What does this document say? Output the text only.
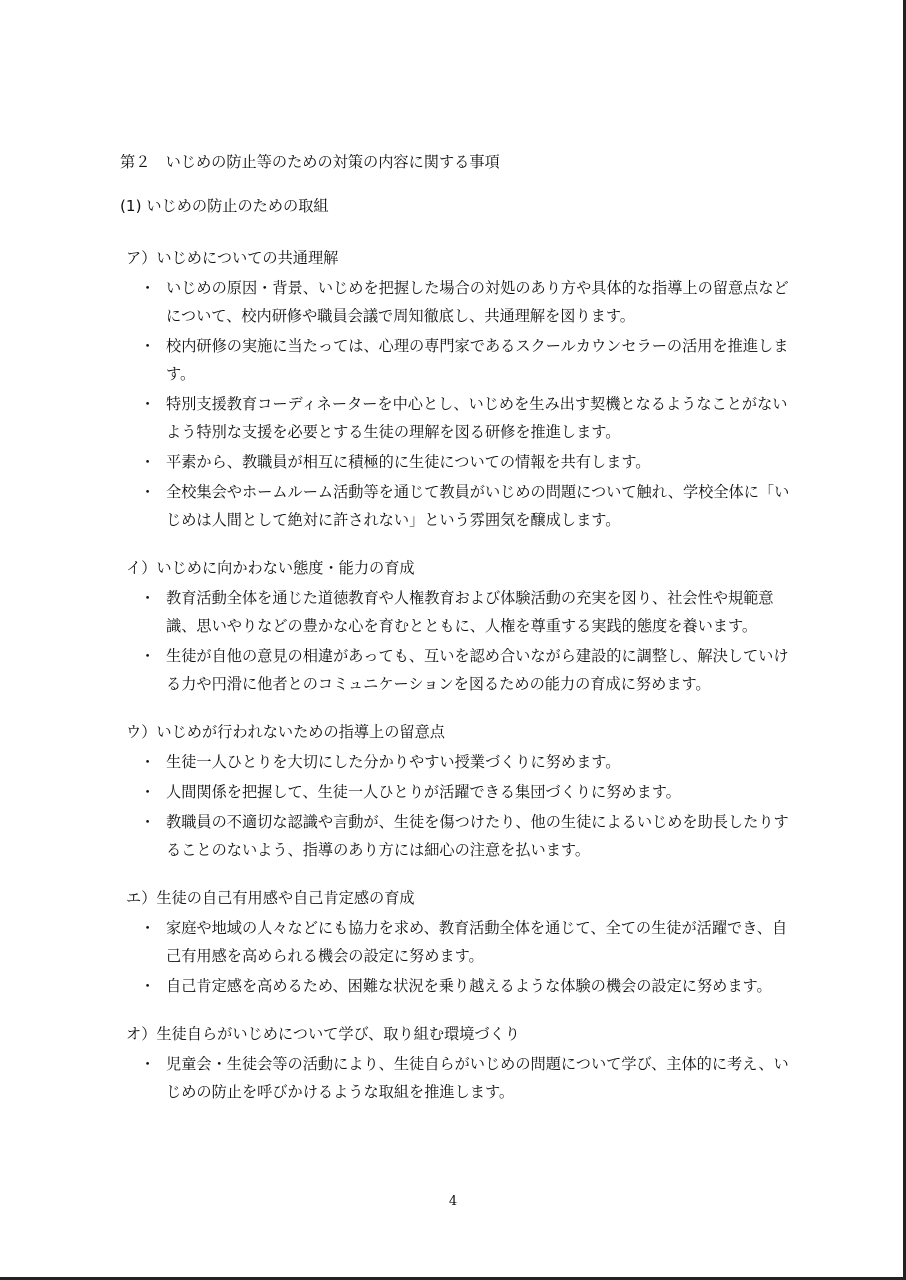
第２　いじめの防止等のための対策の内容に関する事項
(1) いじめの防止のための取組
ア）いじめについての共通理解
・ いじめの原因・背景、いじめを把握した場合の対処のあり方や具体的な指導上の留意点などについて、校内研修や職員会議で周知徹底し、共通理解を図ります。
・ 校内研修の実施に当たっては、心理の専門家であるスクールカウンセラーの活用を推進します。
・ 特別支援教育コーディネーターを中心とし、いじめを生み出す契機となるようなことがないよう特別な支援を必要とする生徒の理解を図る研修を推進します。
・ 平素から、教職員が相互に積極的に生徒についての情報を共有します。
・ 全校集会やホームルーム活動等を通じて教員がいじめの問題について触れ、学校全体に「いじめは人間として絶対に許されない」という雰囲気を醸成します。
イ）いじめに向かわない態度・能力の育成
・ 教育活動全体を通じた道徳教育や人権教育および体験活動の充実を図り、社会性や規範意識、思いやりなどの豊かな心を育むとともに、人権を尊重する実践的態度を養います。
・ 生徒が自他の意見の相違があっても、互いを認め合いながら建設的に調整し、解決していける力や円滑に他者とのコミュニケーションを図るための能力の育成に努めます。
ウ）いじめが行われないための指導上の留意点
・ 生徒一人ひとりを大切にした分かりやすい授業づくりに努めます。
・ 人間関係を把握して、生徒一人ひとりが活躍できる集団づくりに努めます。
・ 教職員の不適切な認識や言動が、生徒を傷つけたり、他の生徒によるいじめを助長したりすることのないよう、指導のあり方には細心の注意を払います。
エ）生徒の自己有用感や自己肯定感の育成
・ 家庭や地域の人々などにも協力を求め、教育活動全体を通じて、全ての生徒が活躍でき、自己有用感を高められる機会の設定に努めます。
・ 自己肯定感を高めるため、困難な状況を乗り越えるような体験の機会の設定に努めます。
オ）生徒自らがいじめについて学び、取り組む環境づくり
・ 児童会・生徒会等の活動により、生徒自らがいじめの問題について学び、主体的に考え、いじめの防止を呼びかけるような取組を推進します。
4
